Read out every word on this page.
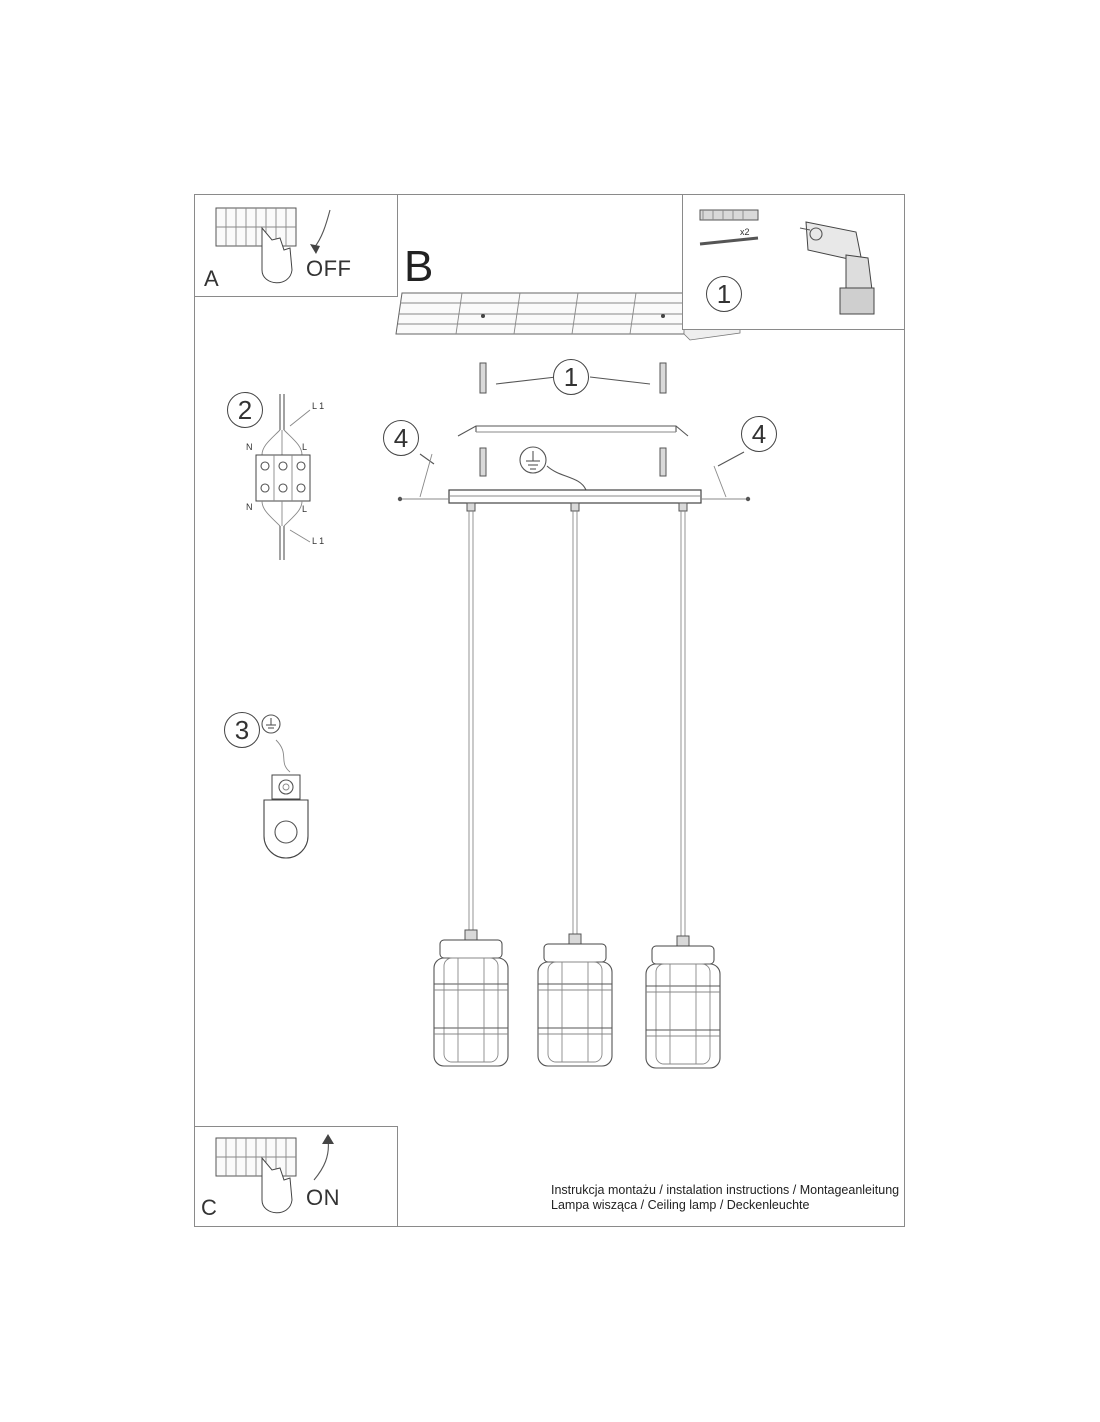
A	OFF B
C	ON
x2
1
1
4	4
2	L 1
N	L
N	L
L 1
3
Instrukcja montażu / instalation instructions / Montageanleitung
Lampa wisząca / Ceiling lamp / Deckenleuchte
